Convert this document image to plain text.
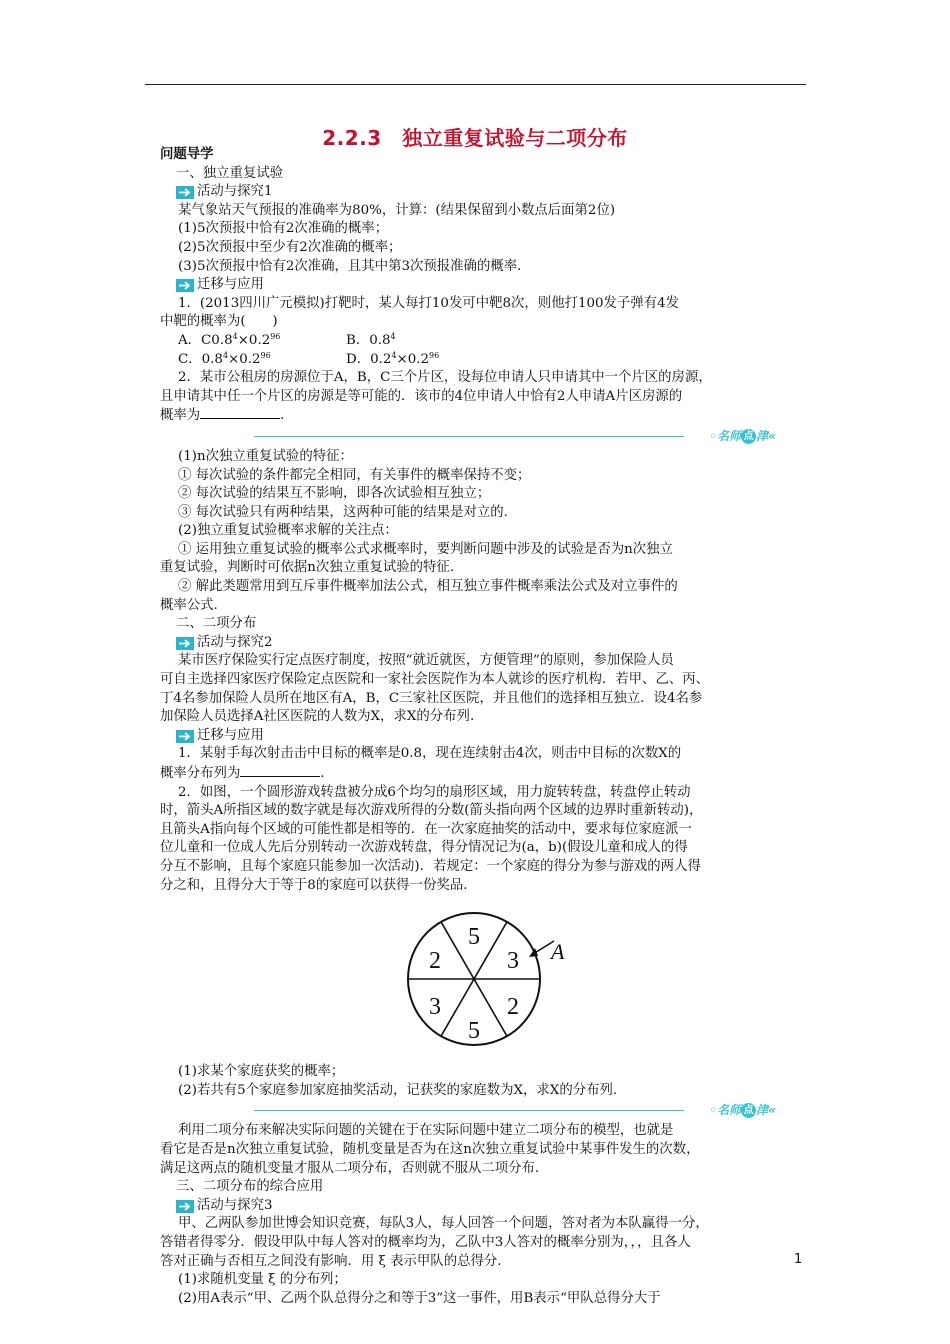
2.2.3　独立重复试验与二项分布
问题导学
一、独立重复试验
活动与探究1
某气象站天气预报的准确率为80%，计算：(结果保留到小数点后面第2位)
(1)5次预报中恰有2次准确的概率；
(2)5次预报中至少有2次准确的概率；
(3)5次预报中恰有2次准确，且其中第3次预报准确的概率.
迁移与应用
1．(2013四川广元模拟)打靶时，某人每打10发可中靶8次，则他打100发子弹有4发
中靶的概率为(　　)
A．$C0.8^4\times 0.2^{96}$	B．$0.8^4$
C．$0.8^4\times 0.2^{96}$	D．$0.2^4\times 0.2^{96}$
2．某市公租房的房源位于A，B，C三个片区，设每位申请人只申请其中一个片区的房源，
且申请其中任一个片区的房源是等可能的．该市的4位申请人中恰有2人申请A片区房源的
概率为	．
◦名师 点 津«
(1)n次独立重复试验的特征：
① 每次试验的条件都完全相同，有关事件的概率保持不变；
② 每次试验的结果互不影响，即各次试验相互独立；
③ 每次试验只有两种结果，这两种可能的结果是对立的.
(2)独立重复试验概率求解的关注点：
① 运用独立重复试验的概率公式求概率时，要判断问题中涉及的试验是否为n次独立
重复试验，判断时可依据n次独立重复试验的特征.
② 解此类题常用到互斥事件概率加法公式，相互独立事件概率乘法公式及对立事件的
概率公式.
二、二项分布
活动与探究2
某市医疗保险实行定点医疗制度，按照“就近就医，方便管理”的原则，参加保险人员
可自主选择四家医疗保险定点医院和一家社会医院作为本人就诊的医疗机构．若甲、乙、丙、
丁4名参加保险人员所在地区有A，B，C三家社区医院，并且他们的选择相互独立．设4名参
加保险人员选择A社区医院的人数为X，求X的分布列.
迁移与应用
1．某射手每次射击击中目标的概率是0.8，现在连续射击4次，则击中目标的次数X的
概率分布列为	．
2．如图，一个圆形游戏转盘被分成6个均匀的扇形区域，用力旋转转盘，转盘停止转动
时，箭头A所指区域的数字就是每次游戏所得的分数(箭头指向两个区域的边界时重新转动)，
且箭头A指向每个区域的可能性都是相等的．在一次家庭抽奖的活动中，要求每位家庭派一
位儿童和一位成人先后分别转动一次游戏转盘，得分情况记为(a，b)(假设儿童和成人的得
分互不影响，且每个家庭只能参加一次活动)．若规定：一个家庭的得分为参与游戏的两人得
分之和，且得分大于等于8的家庭可以获得一份奖品.
5
3
2
5
3
2	A
(1)求某个家庭获奖的概率；
(2)若共有5个家庭参加家庭抽奖活动，记获奖的家庭数为X，求X的分布列.
◦名师 点 津«
利用二项分布来解决实际问题的关键在于在实际问题中建立二项分布的模型，也就是
看它是否是n次独立重复试验，随机变量是否为在这n次独立重复试验中某事件发生的次数，
满足这两点的随机变量才服从二项分布，否则就不服从二项分布.
三、二项分布的综合应用
活动与探究3
甲、乙两队参加世博会知识竞赛，每队3人，每人回答一个问题，答对者为本队赢得一分，
答错者得零分．假设甲队中每人答对的概率均为，乙队中3人答对的概率分别为，，，且各人
答对正确与否相互之间没有影响．用 ξ 表示甲队的总得分.
(1)求随机变量 ξ 的分布列；
(2)用A表示“甲、乙两个队总得分之和等于3”这一事件，用B表示“甲队总得分大于
1
